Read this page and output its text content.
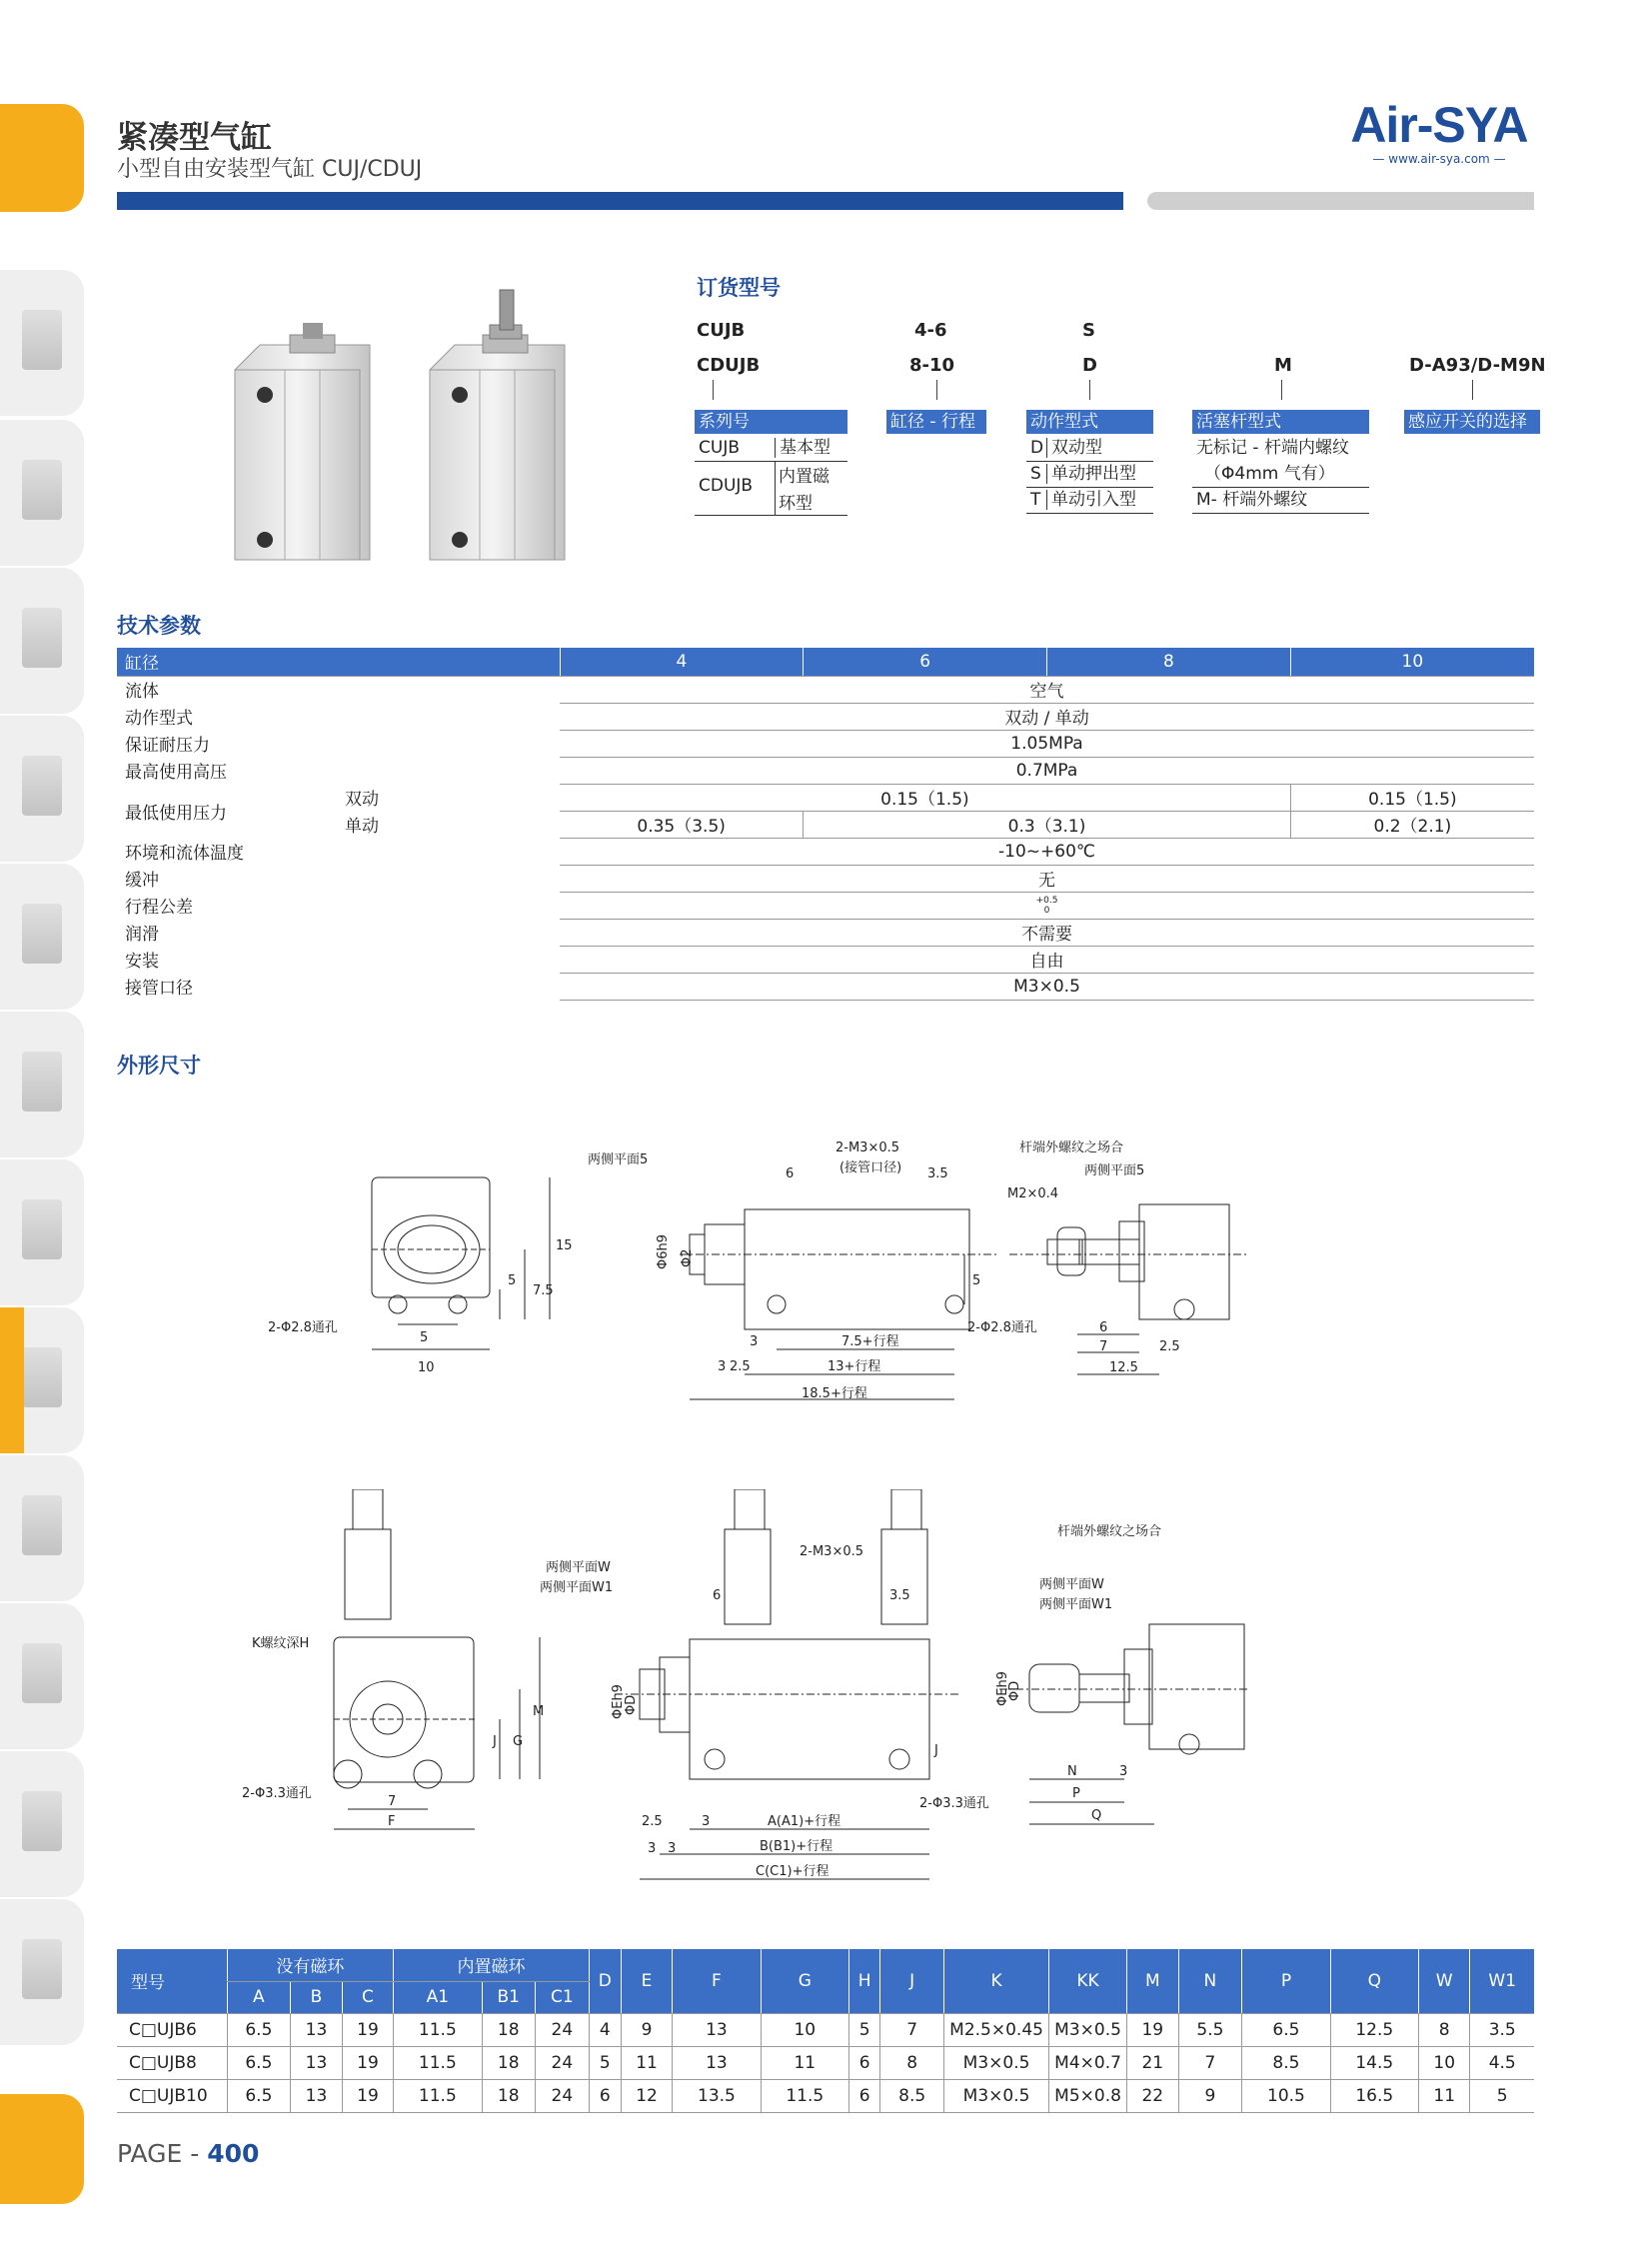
紧凑型气缸
小型自由安装型气缸 CUJ/CDUJ
Air-SYA
— www.air-sya.com —
订货型号
CUJB
CDUJB
4-6
8-10
S
D	M	D-A93/D-M9N
系列号
CUJB 基本型
CDUJB 内置磁
环型
缸径 - 行程	动作型式
D 双动型
S 单动押出型
T 单动引入型
活塞杆型式
无标记 - 杆端内螺纹
（Φ4mm 气有）
M- 杆端外螺纹
感应开关的选择
技术参数
缸径		4	6	8	10
流体		空气			
动作型式		双动 / 单动			
保证耐压力		1.05MPa			
最高使用高压		0.7MPa			
最低使用压力	双动	0.15（1.5)			0.15（1.5)
	单动	0.35（3.5)	0.3（3.1)		0.2（2.1)
环境和流体温度		-10~+60℃			
缓冲		无			
行程公差		+0.5
0			

润滑		不需要			
安装		自由			
接管口径		M3×0.5			
外形尺寸
2-Φ2.8通孔
5
10
5
7.5
15
两侧平面5
2-M3×0.5
(接管口径)
6	3.5
Φ6h9 Φ2
2-Φ2.8通孔
5
3	7.5+行程
3 2.5	13+行程
18.5+行程
杆端外螺纹之场合
M2×0.4
两侧平面5
6
7
12.5
2.5
K螺纹深H
2-Φ3.3通孔
7
F
J G
M
两侧平面W
两侧平面W1
2-M3×0.5
6	3.5
ΦEh9
ΦD
J
2-Φ3.3通孔
2.5	3
3 3
A(A1)+行程
B(B1)+行程
C(C1)+行程
杆端外螺纹之场合
两侧平面W
两侧平面W1
ΦEh9
ΦD
N	3
P
Q
型号	没有磁环			内置磁环			D	E	F	G	H	J	K	KK	M	N	P	Q	W	W1
	A	B	C	A1	B1	C1														
C□UJB6	6.5	13	19	11.5	18	24	4	9	13	10	5	7	M2.5×0.45	M3×0.5	19	5.5	6.5	12.5	8	3.5
C□UJB8	6.5	13	19	11.5	18	24	5	11	13	11	6	8	M3×0.5	M4×0.7	21	7	8.5	14.5	10	4.5
C□UJB10	6.5	13	19	11.5	18	24	6	12	13.5	11.5	6	8.5	M3×0.5	M5×0.8	22	9	10.5	16.5	11	5
PAGE - 400
